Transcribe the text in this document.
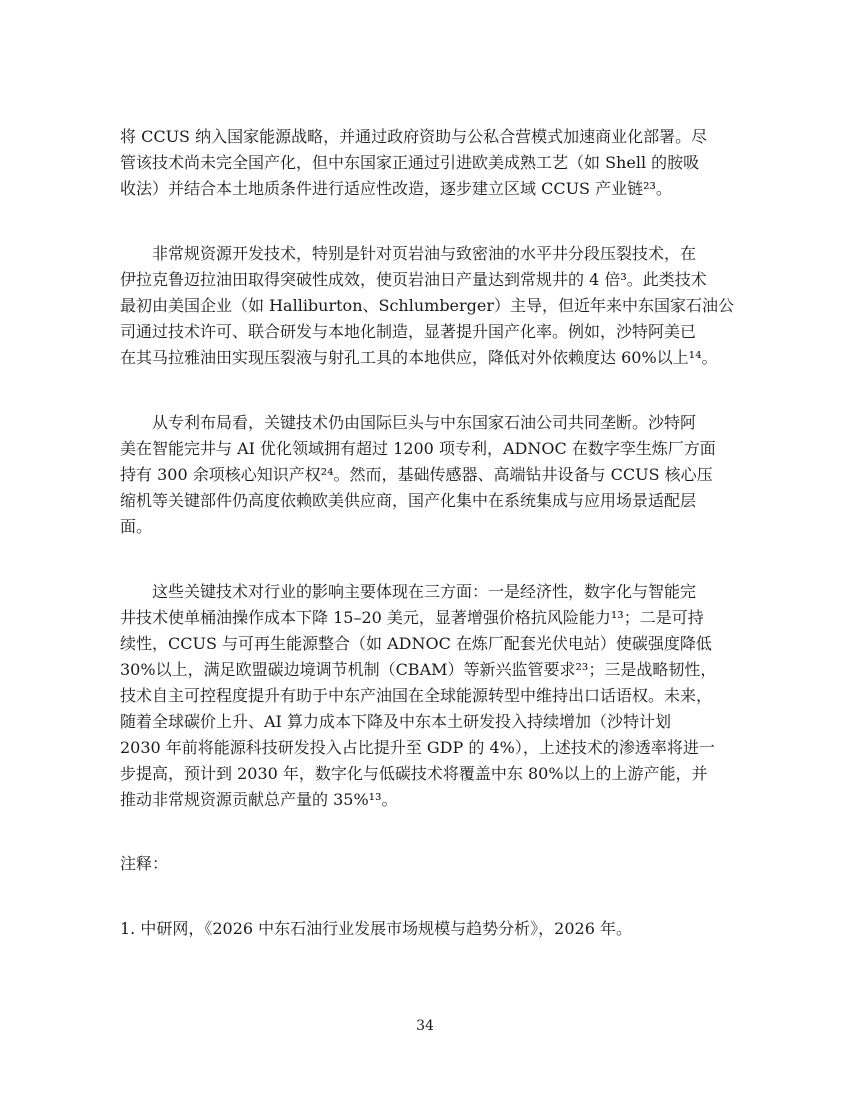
将 CCUS 纳入国家能源战略，并通过政府资助与公私合营模式加速商业化部署。尽
管该技术尚未完全国产化，但中东国家正通过引进欧美成熟工艺（如 Shell 的胺吸
收法）并结合本土地质条件进行适应性改造，逐步建立区域 CCUS 产业链²³。

非常规资源开发技术，特别是针对页岩油与致密油的水平井分段压裂技术，在
伊拉克鲁迈拉油田取得突破性成效，使页岩油日产量达到常规井的 4 倍³。此类技术
最初由美国企业（如 Halliburton、Schlumberger）主导，但近年来中东国家石油公
司通过技术许可、联合研发与本地化制造，显著提升国产化率。例如，沙特阿美已
在其马拉雅油田实现压裂液与射孔工具的本地供应，降低对外依赖度达 60%以上¹⁴。

从专利布局看，关键技术仍由国际巨头与中东国家石油公司共同垄断。沙特阿
美在智能完井与 AI 优化领域拥有超过 1200 项专利，ADNOC 在数字孪生炼厂方面
持有 300 余项核心知识产权²⁴。然而，基础传感器、高端钻井设备与 CCUS 核心压
缩机等关键部件仍高度依赖欧美供应商，国产化集中在系统集成与应用场景适配层
面。

这些关键技术对行业的影响主要体现在三方面：一是经济性，数字化与智能完
井技术使单桶油操作成本下降 15–20 美元，显著增强价格抗风险能力¹³；二是可持
续性，CCUS 与可再生能源整合（如 ADNOC 在炼厂配套光伏电站）使碳强度降低
30%以上，满足欧盟碳边境调节机制（CBAM）等新兴监管要求²³；三是战略韧性，
技术自主可控程度提升有助于中东产油国在全球能源转型中维持出口话语权。未来，
随着全球碳价上升、AI 算力成本下降及中东本土研发投入持续增加（沙特计划
2030 年前将能源科技研发投入占比提升至 GDP 的 4%），上述技术的渗透率将进一
步提高，预计到 2030 年，数字化与低碳技术将覆盖中东 80%以上的上游产能，并
推动非常规资源贡献总产量的 35%¹³。

注释：

1. 中研网，《2026 中东石油行业发展市场规模与趋势分析》，2026 年。

34
